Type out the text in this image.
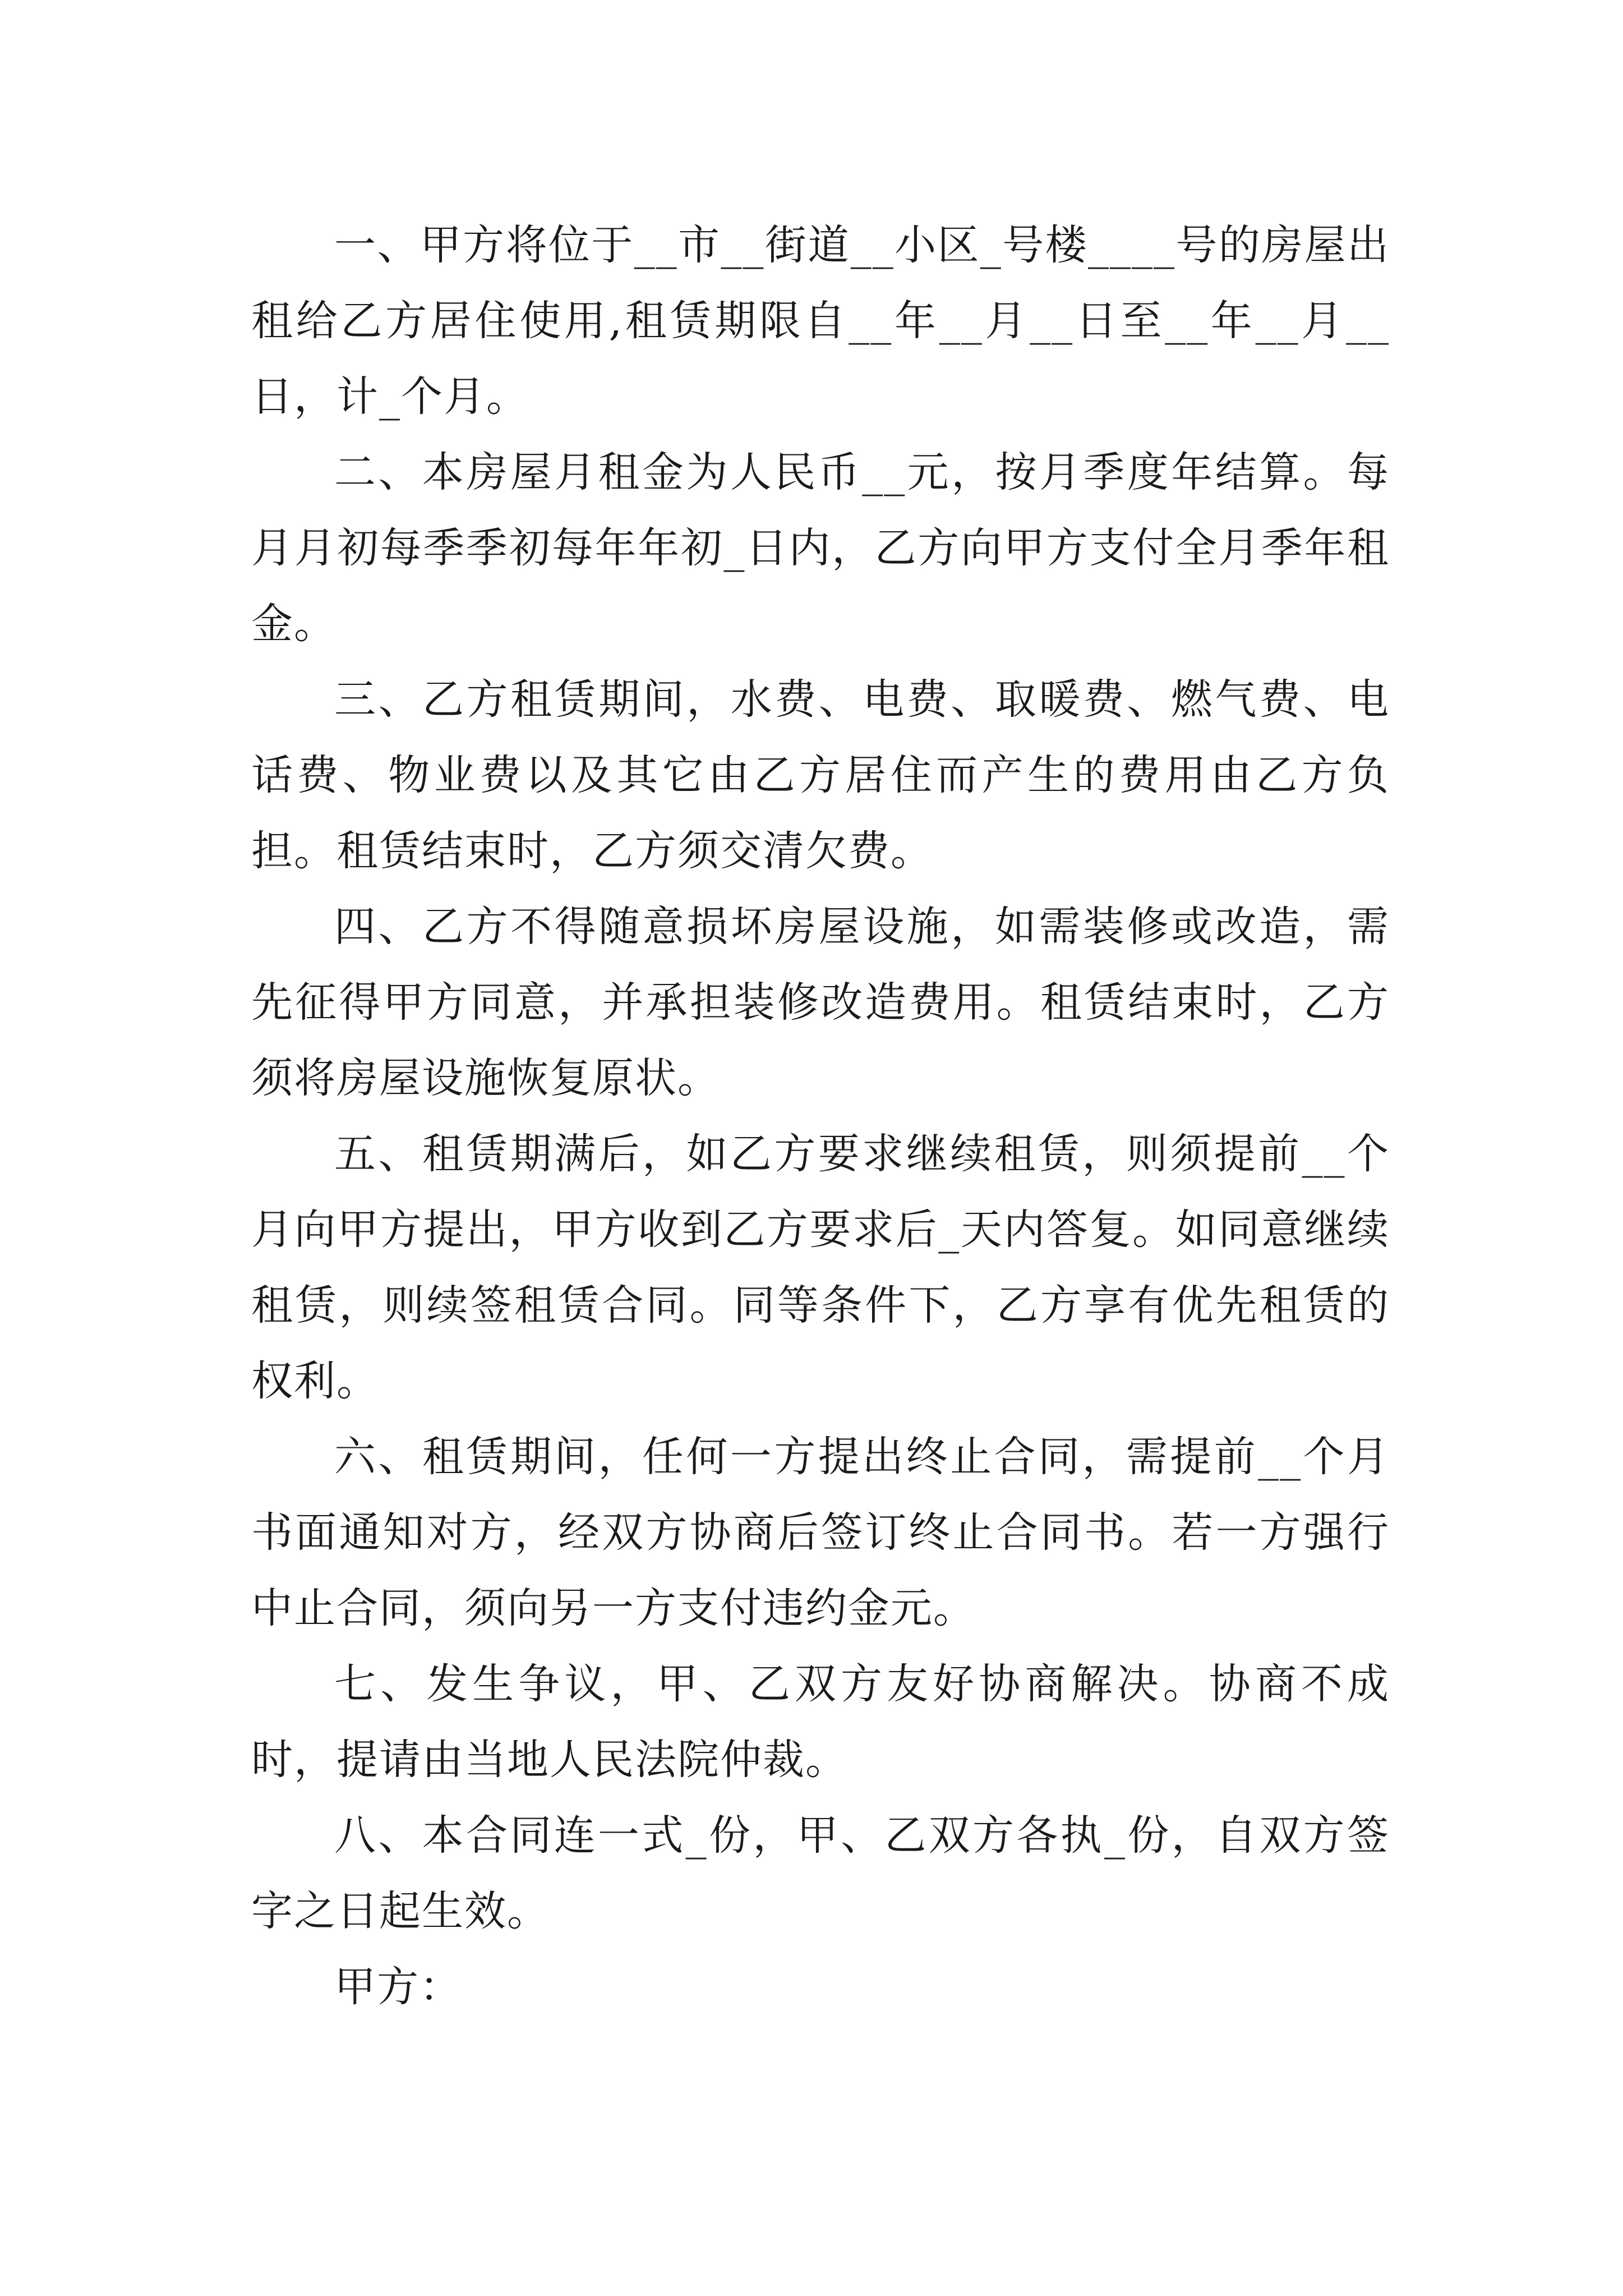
一、甲方将位于__市__街道__小区_号楼____号的房屋出租给乙方居住使用,租赁期限自__年__月__日至__年__月__日，计_个月。

二、本房屋月租金为人民币__元，按月季度年结算。每月月初每季季初每年年初_日内，乙方向甲方支付全月季年租金。

三、乙方租赁期间，水费、电费、取暖费、燃气费、电话费、物业费以及其它由乙方居住而产生的费用由乙方负担。租赁结束时，乙方须交清欠费。

四、乙方不得随意损坏房屋设施，如需装修或改造，需先征得甲方同意，并承担装修改造费用。租赁结束时，乙方须将房屋设施恢复原状。

五、租赁期满后，如乙方要求继续租赁，则须提前__个月向甲方提出，甲方收到乙方要求后_天内答复。如同意继续租赁，则续签租赁合同。同等条件下，乙方享有优先租赁的权利。

六、租赁期间，任何一方提出终止合同，需提前__个月书面通知对方，经双方协商后签订终止合同书。若一方强行中止合同，须向另一方支付违约金元。

七、发生争议，甲、乙双方友好协商解决。协商不成时，提请由当地人民法院仲裁。

八、本合同连一式_份，甲、乙双方各执_份，自双方签字之日起生效。

甲方：
